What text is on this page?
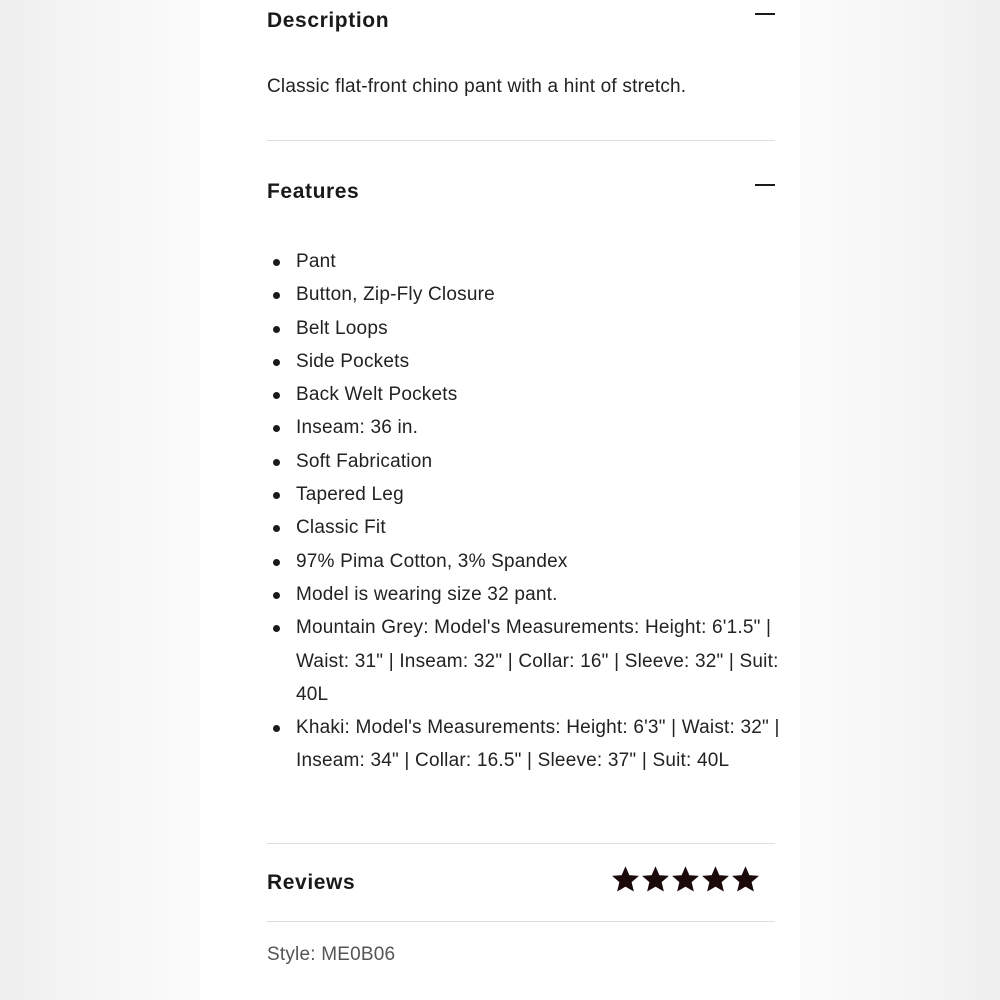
Description

Classic flat-front chino pant with a hint of stretch.

Features
Pant
Button, Zip-Fly Closure
Belt Loops
Side Pockets
Back Welt Pockets
Inseam: 36 in.
Soft Fabrication
Tapered Leg
Classic Fit
97% Pima Cotton, 3% Spandex
Model is wearing size 32 pant.
Mountain Grey: Model's Measurements: Height: 6'1.5" | Waist: 31" | Inseam: 32" | Collar: 16" | Sleeve: 32" | Suit: 40L
Khaki: Model's Measurements: Height: 6'3" | Waist: 32" | Inseam: 34" | Collar: 16.5" | Sleeve: 37" | Suit: 40L
Reviews
Style: ME0B06
